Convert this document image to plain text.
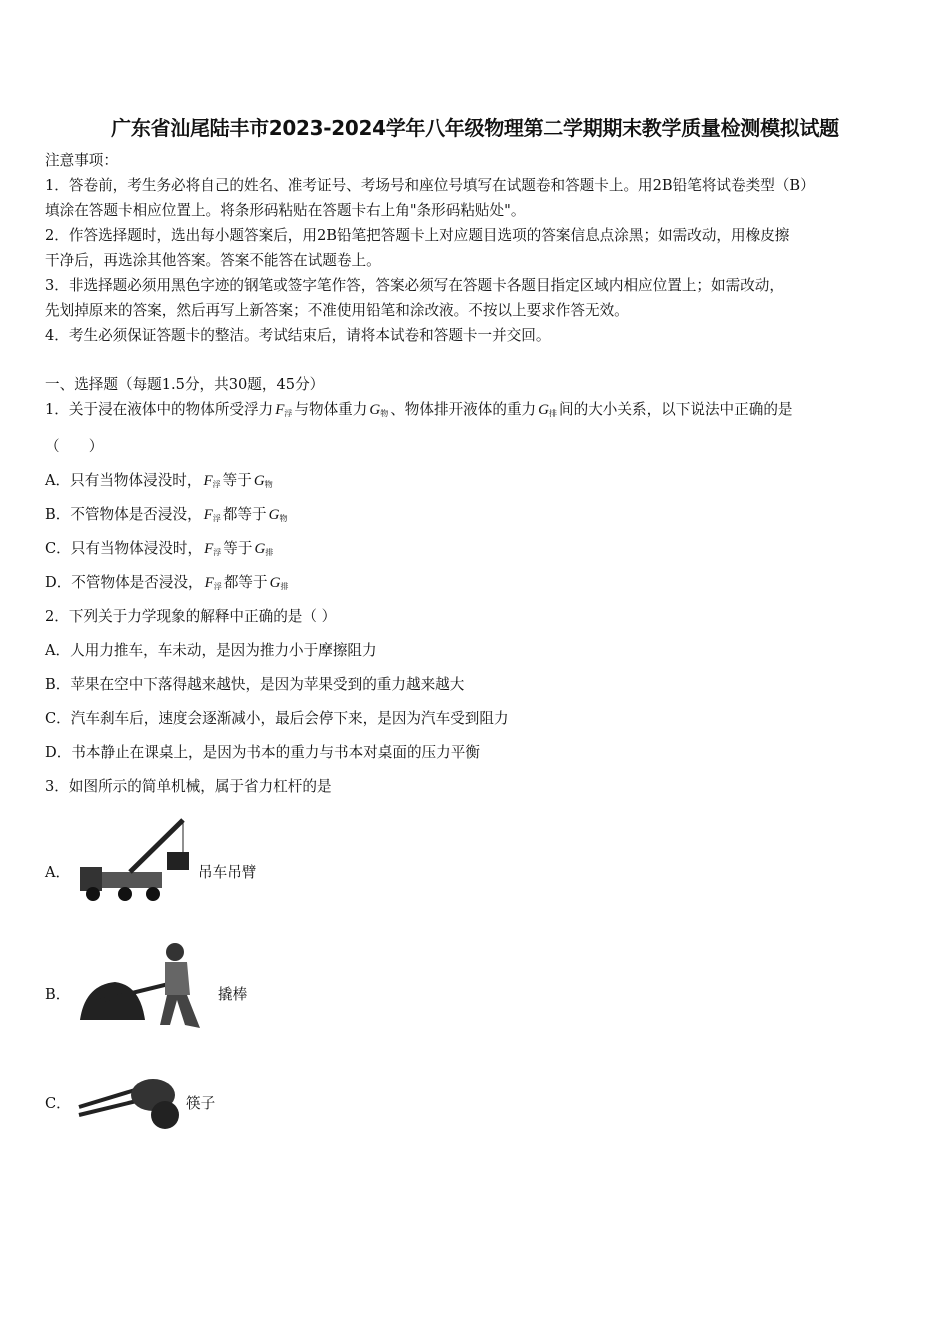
广东省汕尾陆丰市2023-2024学年八年级物理第二学期期末教学质量检测模拟试题
注意事项：
1．答卷前，考生务必将自己的姓名、准考证号、考场号和座位号填写在试题卷和答题卡上。用2B铅笔将试卷类型（B）
填涂在答题卡相应位置上。将条形码粘贴在答题卡右上角"条形码粘贴处"。
2．作答选择题时，选出每小题答案后，用2B铅笔把答题卡上对应题目选项的答案信息点涂黑；如需改动，用橡皮擦
干净后，再选涂其他答案。答案不能答在试题卷上。
3．非选择题必须用黑色字迹的钢笔或签字笔作答，答案必须写在答题卡各题目指定区域内相应位置上；如需改动，
先划掉原来的答案，然后再写上新答案；不准使用铅笔和涂改液。不按以上要求作答无效。
4．考生必须保证答题卡的整洁。考试结束后，请将本试卷和答题卡一并交回。
一、选择题（每题1.5分，共30题，45分）
1．关于浸在液体中的物体所受浮力 $F_浮$ 与物体重力 $G_物$ 、物体排开液体的重力 $G_排$ 间的大小关系，以下说法中正确的是
（　　）
A．只有当物体浸没时， $F_浮$ 等于 $G_物$
B．不管物体是否浸没， $F_浮$ 都等于 $G_物$
C．只有当物体浸没时， $F_浮$ 等于 $G_排$
D．不管物体是否浸没， $F_浮$ 都等于 $G_排$
2．下列关于力学现象的解释中正确的是（ ）
A．人用力推车，车未动，是因为推力小于摩擦阻力
B．苹果在空中下落得越来越快，是因为苹果受到的重力越来越大
C．汽车刹车后，速度会逐渐减小，最后会停下来，是因为汽车受到阻力
D．书本静止在课桌上，是因为书本的重力与书本对桌面的压力平衡
3．如图所示的简单机械，属于省力杠杆的是
A．	吊车吊臂
B．	撬棒
C．	筷子
